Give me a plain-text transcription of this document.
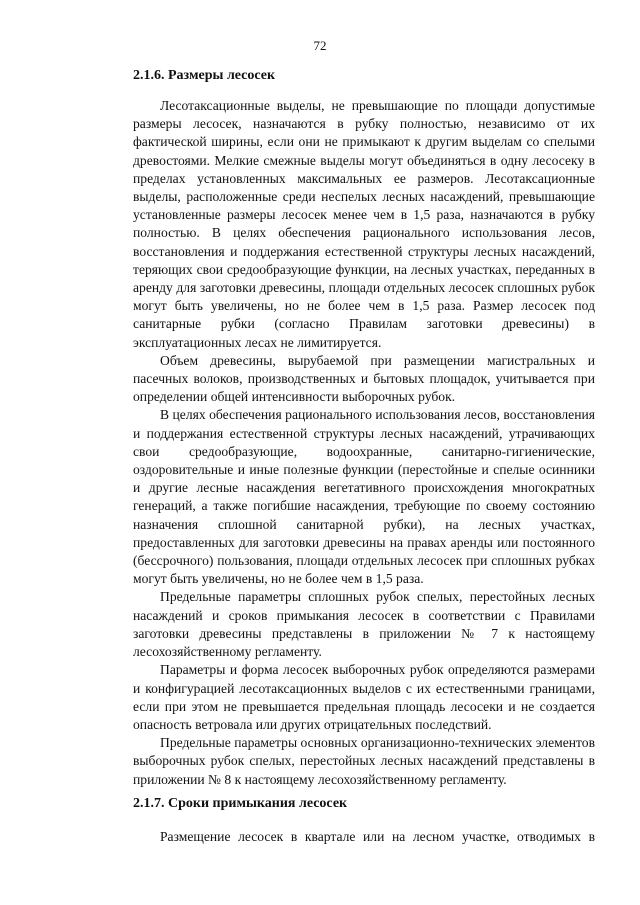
72
2.1.6. Размеры лесосек

Лесотаксационные выделы, не превышающие по площади допустимые размеры лесосек, назначаются в рубку полностью, независимо от их фактической ширины, если они не примыкают к другим выделам со спелыми древостоями. Мелкие смежные выделы могут объединяться в одну лесосеку в пределах установленных максимальных ее размеров. Лесотаксационные выделы, расположенные среди неспелых лесных насаждений, превышающие установленные размеры лесосек менее чем в 1,5 раза, назначаются в рубку полностью. В целях обеспечения рационального использования лесов, восстановления и поддержания естественной структуры лесных насаждений, теряющих свои средообразующие функции, на лесных участках, переданных в аренду для заготовки древесины, площади отдельных лесосек сплошных рубок могут быть увеличены, но не более чем в 1,5 раза. Размер лесосек под санитарные рубки (согласно Правилам заготовки древесины) в эксплуатационных лесах не лимитируется.

Объем древесины, вырубаемой при размещении магистральных и пасечных волоков, производственных и бытовых площадок, учитывается при определении общей интенсивности выборочных рубок.

В целях обеспечения рационального использования лесов, восстановления и поддержания естественной структуры лесных насаждений, утрачивающих свои средообразующие, водоохранные, санитарно-гигиенические, оздоровительные и иные полезные функции (перестойные и спелые осинники и другие лесные насаждения вегетативного происхождения многократных генераций, а также погибшие насаждения, требующие по своему состоянию назначения сплошной санитарной рубки), на лесных участках, предоставленных для заготовки древесины на правах аренды или постоянного (бессрочного) пользования, площади отдельных лесосек при сплошных рубках могут быть увеличены, но не более чем в 1,5 раза.

Предельные параметры сплошных рубок спелых, перестойных лесных насаждений и сроков примыкания лесосек в соответствии с Правилами заготовки древесины представлены в приложении № 7 к настоящему лесохозяйственному регламенту.

Параметры и форма лесосек выборочных рубок определяются размерами и конфигурацией лесотаксационных выделов с их естественными границами, если при этом не превышается предельная площадь лесосеки и не создается опасность ветровала или других отрицательных последствий.

Предельные параметры основных организационно-технических элементов выборочных рубок спелых, перестойных лесных насаждений представлены в приложении № 8 к настоящему лесохозяйственному регламенту.

2.1.7. Сроки примыкания лесосек

Размещение лесосек в квартале или на лесном участке, отводимых в
